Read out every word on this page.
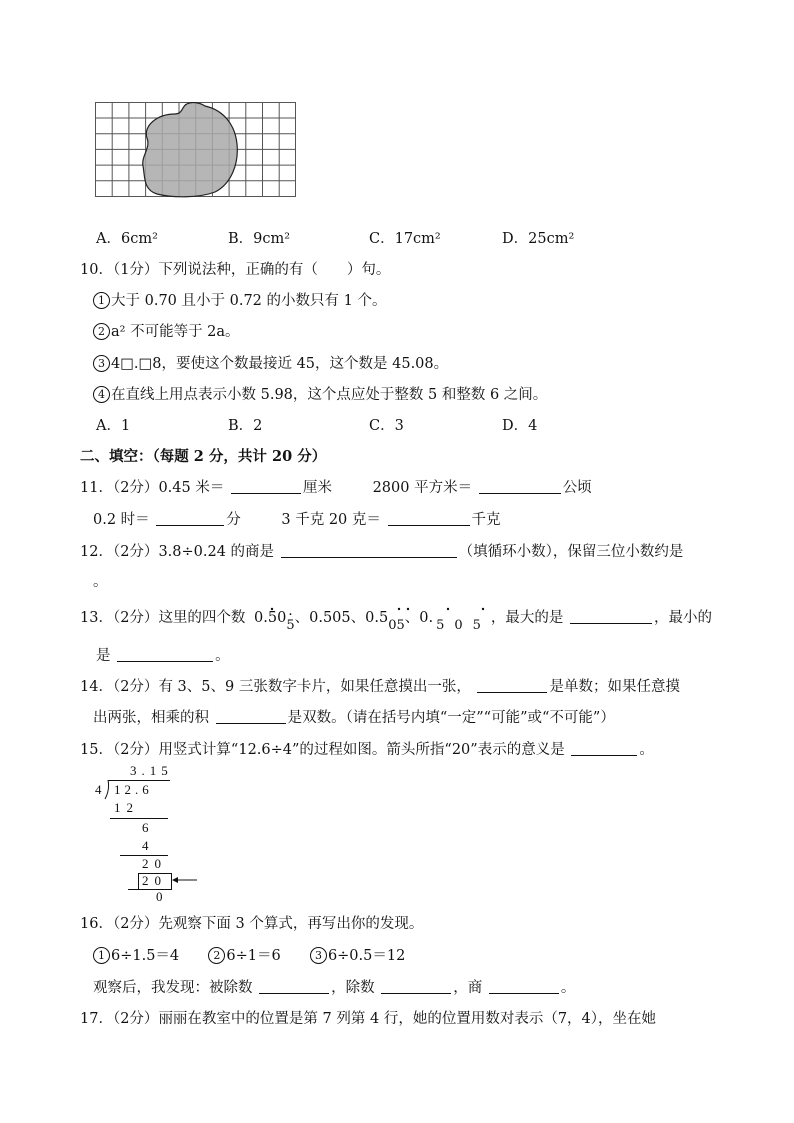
A．6cm²	B．9cm²	C．17cm²	D．25cm²
10．（1分）下列说法种，正确的有（　　）句。
1 大于 0.70 且小于 0.72 的小数只有 1 个。
2 a² 不可能等于 2a。
3 4□.□8，要使这个数最接近 45，这个数是 45.08。
4 在直线上用点表示小数 5.98，这个点应处于整数 5 和整数 6 之间。
A．1	B．2	C．3	D．4
二、填空：（每题 2 分，共计 20 分）
11．（2分）0.45 米＝	厘米	2800 平方米＝	公顷
0.2 时＝	分	3 千克 20 克＝	千克
12．（2分）3.8÷0.24 的商是	（填循环小数），保留三位小数约是
。
13．（2分）这里的四个数 0.50· 5、0.505、0.505、0. 505，最大的是	，最小的
是	。
14．（2分）有 3、5、9 三张数字卡片，如果任意摸出一张，	是单数；如果任意摸
出两张，相乘的积	是双数。（请在括号内填“一定”“可能”或“不可能”）
15．（2分）用竖式计算“12.6÷4”的过程如图。箭头所指“20”表示的意义是	。
3.15
4 12.6
12
6
4
20
20
0
16．（2分）先观察下面 3 个算式，再写出你的发现。
1 6÷1.5＝4	2 6÷1＝6	3 6÷0.5＝12
观察后，我发现：被除数	，除数	，商	。
17．（2分）丽丽在教室中的位置是第 7 列第 4 行，她的位置用数对表示（7，4），坐在她
